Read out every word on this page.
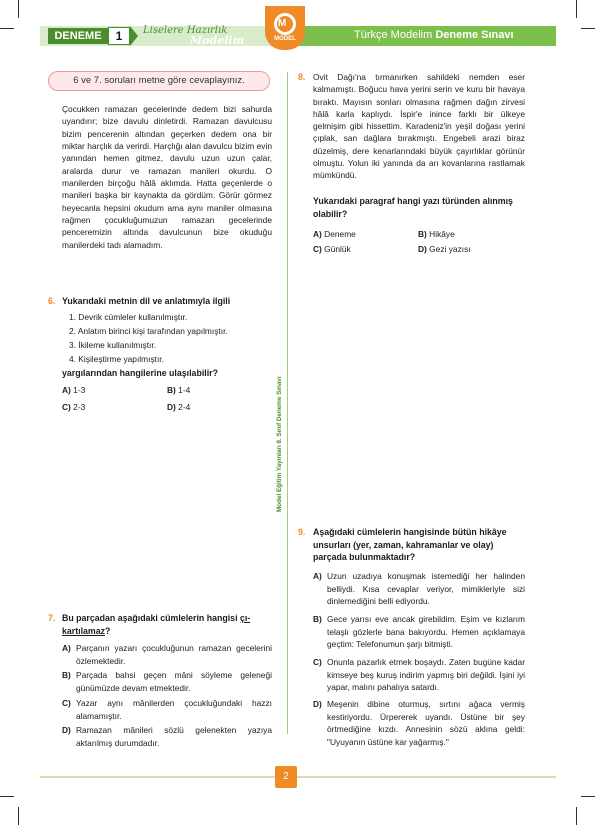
DENEME	1	Liselere Hazırlık
Modelim
M
MODEL	Türkçe Modelim Deneme Sınavı
Model Eğitim Yayınları 8. Sınıf Deneme Sınavı
6 ve 7. soruları metne göre cevaplayınız.
Çocukken ramazan gecelerinde dedem bizi sahurda uyandırır; bize davulu dinletirdi. Ramazan davulcusu bizim pencerenin altından geçerken dedem ona bir miktar harçlık da verirdi. Harçlığı alan davulcu bizim evin yanından hemen gitmez, davulu uzun uzun çalar, aralarda durur ve ramazan manileri okurdu. O manilerden birçoğu hâlâ aklımda. Hatta geçenlerde o manileri başka bir kaynakta da gördüm. Görür görmez heyecanla hepsini okudum ama aynı maniler olmasına rağmen çocukluğumuzun ramazan gecelerinde penceremizin altında davulcunun bize okuduğu manilerdeki tadı alamadım.
6. Yukarıdaki metnin dil ve anlatımıyla ilgili
1. Devrik cümleler kullanılmıştır.
2. Anlatım birinci kişi tarafından yapılmıştır.
3. İkileme kullanılmıştır.
4. Kişileştirme yapılmıştır.
yargılarından hangilerine ulaşılabilir?
A) 1-3	B) 1-4
C) 2-3	D) 2-4
7. Bu parçadan aşağıdaki cümlelerin hangisi çı-
kartılamaz?
A) Parçanın yazarı çocukluğunun ramazan gecelerini özlemektedir.
B) Parçada bahsi geçen mâni söyleme geleneği günümüzde devam etmektedir.
C) Yazar aynı mânilerden çocukluğundaki hazzı alamamıştır.
D) Ramazan mânileri sözlü gelenekten yazıya aktarılmış durumdadır.
8. Ovit Dağı'na tırmanırken sahildeki nemden eser kalmamıştı. Boğucu hava yerini serin ve kuru bir havaya bıraktı. Mayısın sonları olmasına rağmen dağın zirvesi hâlâ karla kaplıydı. İspir'e inince farklı bir ülkeye gelmişim gibi hissettim. Karadeniz'in yeşil doğası yerini çıplak, san dağlara bırakmıştı. Engebeli arazi biraz düzelmiş, dere kenarlarındaki büyük çayırlıklar görünür olmuştu. Yolun iki yanında da arı kovanlarına rastlamak mümkündü.
Yukarıdaki paragraf hangi yazı türünden alınmış olabilir?
A) Deneme	B) Hikâye
C) Günlük	D) Gezi yazısı
9. Aşağıdaki cümlelerin hangisinde bütün hikâye unsurları (yer, zaman, kahramanlar ve olay) parçada bulunmaktadır?
A) Uzun uzadıya konuşmak istemediği her halinden belliydi. Kısa cevaplar veriyor, mimikleriyle sizi dinlemediğini belli ediyordu.
B) Gece yarısı eve ancak girebildim. Eşim ve kızlarım telaşlı gözlerle bana bakıyordu. Hemen açıklamaya geçtim: Telefonumun şarjı bitmişti.
C) Onunla pazarlık etmek boşaydı. Zaten bugüne kadar kimseye beş kuruş indirim yapmış biri değildi. İşini iyi yapar, malını pahalıya satardı.
D) Meşenin dibine oturmuş, sırtını ağaca vermiş kestiriyordu. Ürpererek uyandı. Üstüne bir şey örtmediğine kızdı. Annesinin sözü aklına geldi: "Uyuyanın üstüne kar yağarmış."
2
